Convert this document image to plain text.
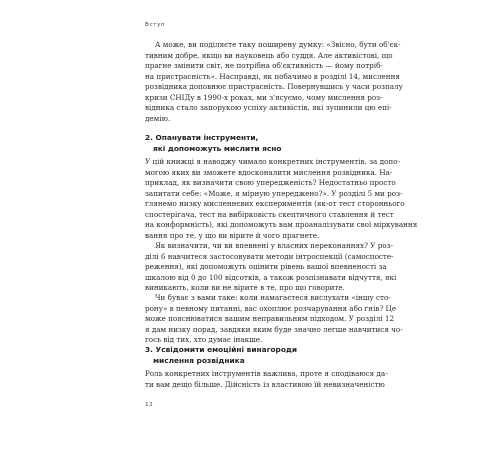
Вступ

А може, ви поділяєте таку поширену думку: «Звісно, бути об'єк-
тивним добре, якщо ви науковець або суддя. Але активістові, що
прагне змінити світ, не потрібна об'єктивність — йому потріб-
на пристрасність». Насправді, як побачимо в розділі 14, мислення
розвідника доповнює пристрасність. Повернувшись у часи розпалу
кризи СНІДу в 1990-х роках, ми з'ясуємо, чому мислення роз-
відника стало запорукою успіху активістів, які зупинили цю епі-
демію.

2. Опанувати інструменти,
які допоможуть мислити ясно

У цій книжці я наводжу чимало конкретних інструментів, за допо-
могою яких ви зможете вдосконалити мислення розвідника. На-
приклад, як визначити свою упередженість? Недостатньо просто
запитати себе: «Може, я мірную упереджено?». У розділі 5 ми роз-
глянемо низку мисленнєвих експериментів (як-от тест стороннього
спостерігача, тест на вибірковість скептичного ставлення й тест
на конформність), які допоможуть вам проаналізувати свої міркування
вання про те, у що ви вірите й чого прагнете.

Як визначити, чи ви впевнені у власних переконаннях? У роз-
ділі 6 навчитеся застосовувати методи інтроспекції (самоспосте-
реження), які допоможуть оцінити рівень вашої впевненості за
шкалою від 0 до 100 відсотків, а також розпізнавати відчуття, які
виникають, коли ви не вірите в те, про що говорите.

Чи буває з вами таке: коли намагаєтеся вислухати «іншу сто-
рону» в певному питанні, вас охоплює розчарування або гнів? Це
може пояснюватися вашим неправильним підходом. У розділі 12
я дам низку порад, завдяки яким буде значно легше навчитися чо-
гось від тих, хто думає інакше.

3. Усвідомити емоційні винагороди
мислення розвідника

Роль конкретних інструментів важлива, проте я сподіваюся да-
ти вам дещо більше. Дійсність із властивою їй невизначеністю

12
